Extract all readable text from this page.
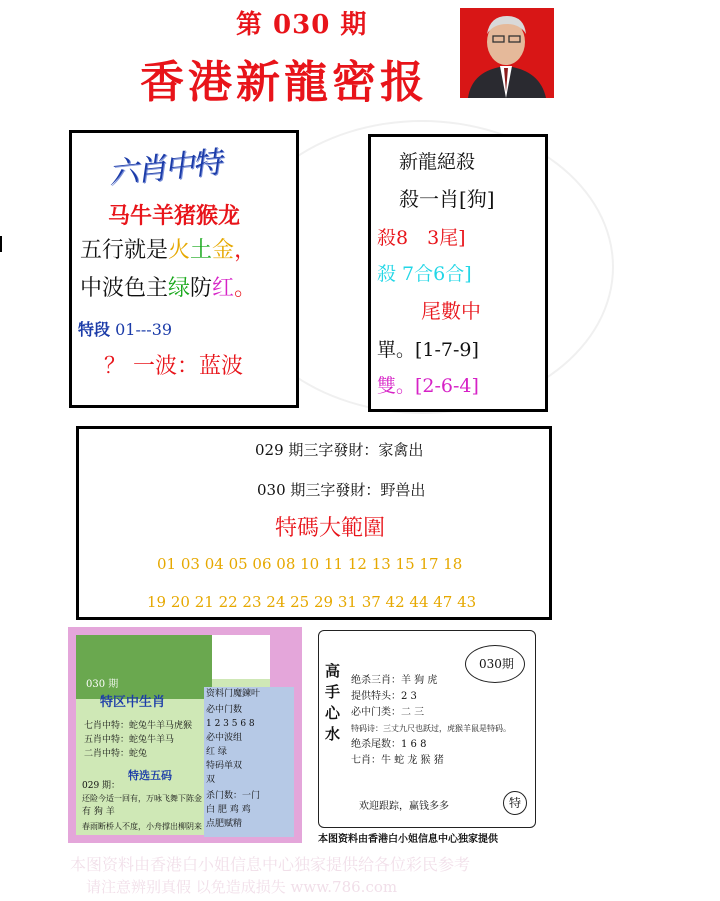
第 030 期
香港新龍密报
六肖中特
马牛羊猪猴龙
五行就是火土金，
中波色主绿防红。
特段 01---39
？ 一波：蓝波
新龍絕殺
殺一肖[狗]
殺8　3尾]
殺 7合6合]
尾數中
單。[1-7-9]
雙。[2-6-4]
029 期三字發財：家禽出
030 期三字發財：野兽出
特碼大範圍
01 03 04 05 06 08 10 11 12 13 15 17 18
19 20 21 22 23 24 25 29 31 37 42 44 47 43
030 期
特区中生肖
七肖中特：蛇兔牛羊马虎猴
五肖中特：蛇兔牛羊马
二肖中特：蛇兔
特选五码
029 期：
还险今适一回有，万咏飞舞下陈金
有 狗 羊
春雨断桥人不度，小舟撑出柳阴来
资料门魔鍊叶
必中门数
1 2 3 5 6 8
必中波组
红 绿
特码单双
双
杀门数：一门
白 肥 鸡 鸡
点肥赋精
高手心水
030期
绝杀三肖：羊 狗 虎
提供特头：2 3
必中门类：二 三
特码诗：三丈九尺也跃过，虎猴羊鼠是特码。
绝杀尾数：1 6 8
七肖：牛 蛇 龙 猴 猪
欢迎跟踪，赢钱多多	特
本图资料由香港白小姐信息中心独家提供
本图资料由香港白小姐信息中心独家提供给各位彩民参考
请注意辨别真假 以免造成损失 www.786.com
